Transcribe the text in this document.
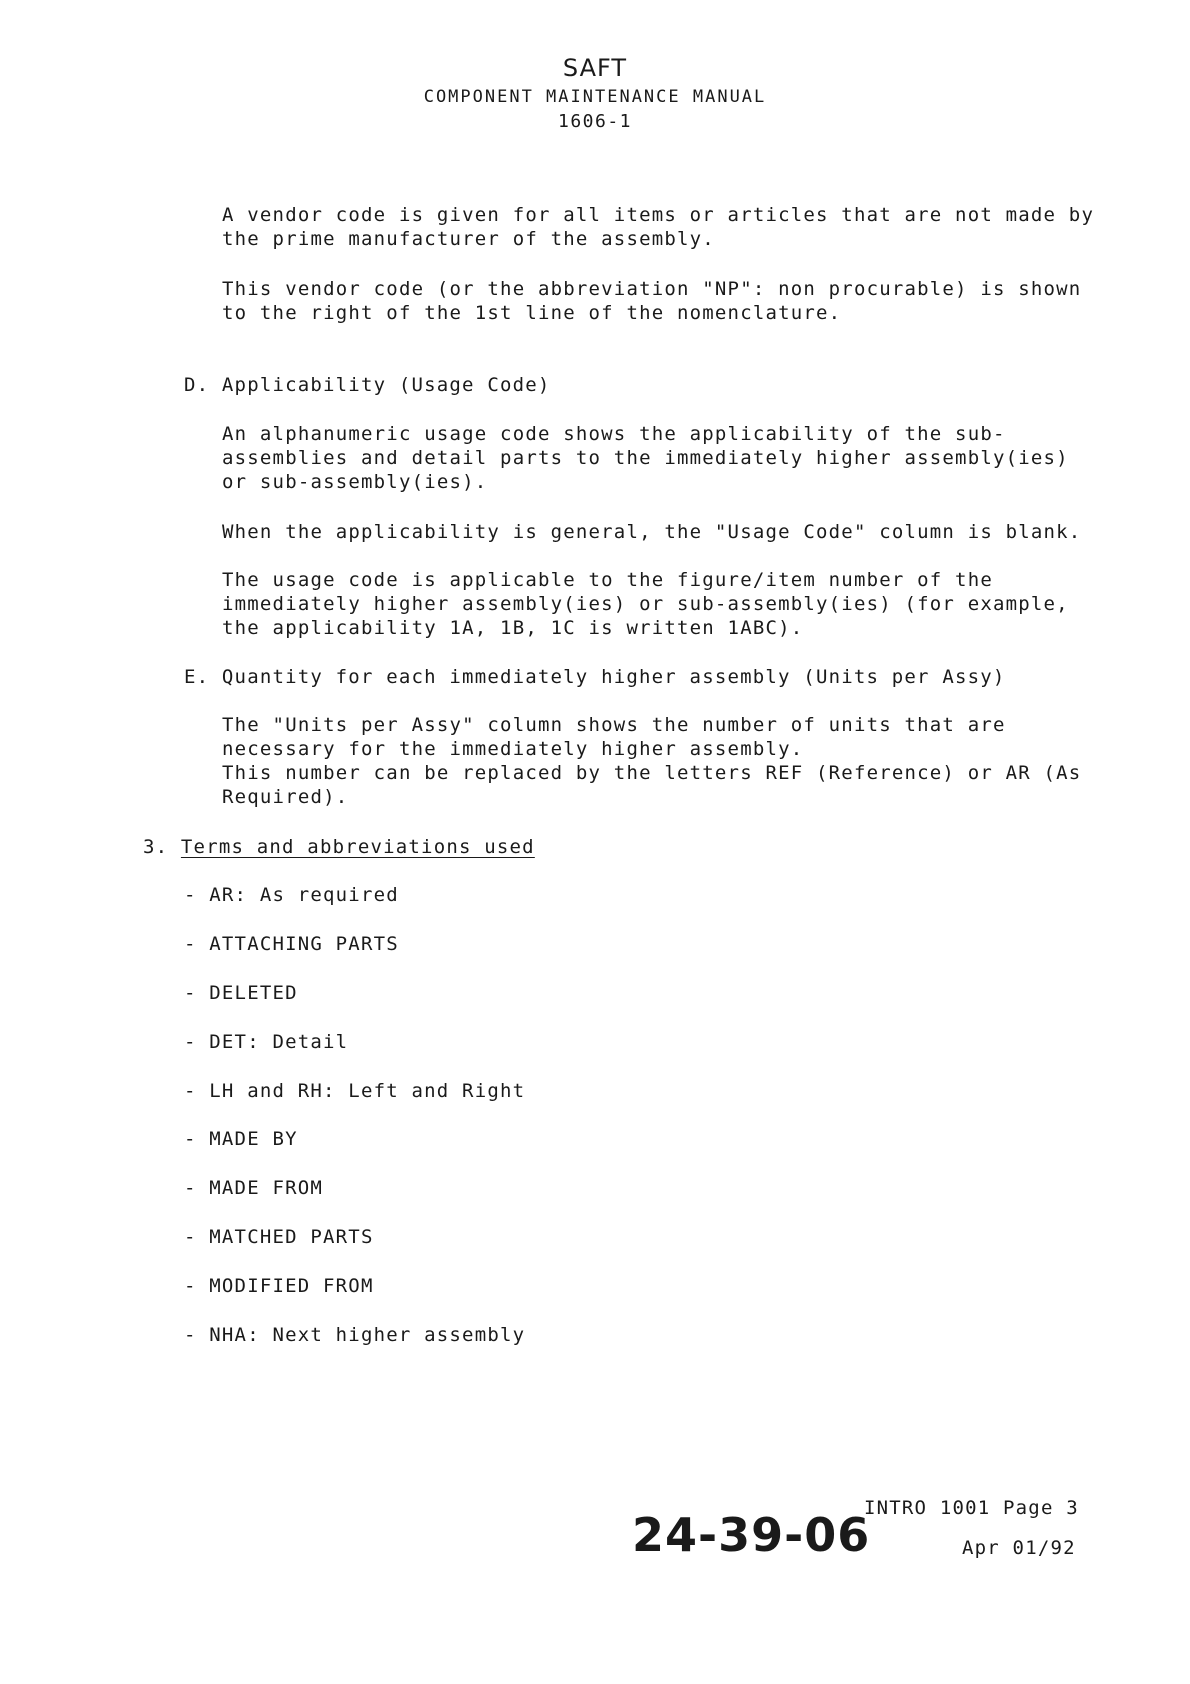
SAFT
COMPONENT MAINTENANCE MANUAL
1606-1
A vendor code is given for all items or articles that are not made by
the prime manufacturer of the assembly.
This vendor code (or the abbreviation "NP": non procurable) is shown
to the right of the 1st line of the nomenclature.
D. Applicability (Usage Code)
An alphanumeric usage code shows the applicability of the sub-
assemblies and detail parts to the immediately higher assembly(ies)
or sub-assembly(ies).
When the applicability is general, the "Usage Code" column is blank.
The usage code is applicable to the figure/item number of the
immediately higher assembly(ies) or sub-assembly(ies) (for example,
the applicability 1A, 1B, 1C is written 1ABC).
E. Quantity for each immediately higher assembly (Units per Assy)
The "Units per Assy" column shows the number of units that are
necessary for the immediately higher assembly.
This number can be replaced by the letters REF (Reference) or AR (As
Required).
3. Terms and abbreviations used
- AR: As required
- ATTACHING PARTS
- DELETED
- DET: Detail
- LH and RH: Left and Right
- MADE BY
- MADE FROM
- MATCHED PARTS
- MODIFIED FROM
- NHA: Next higher assembly
24-39-06
INTRO 1001 Page 3
Apr 01/92
